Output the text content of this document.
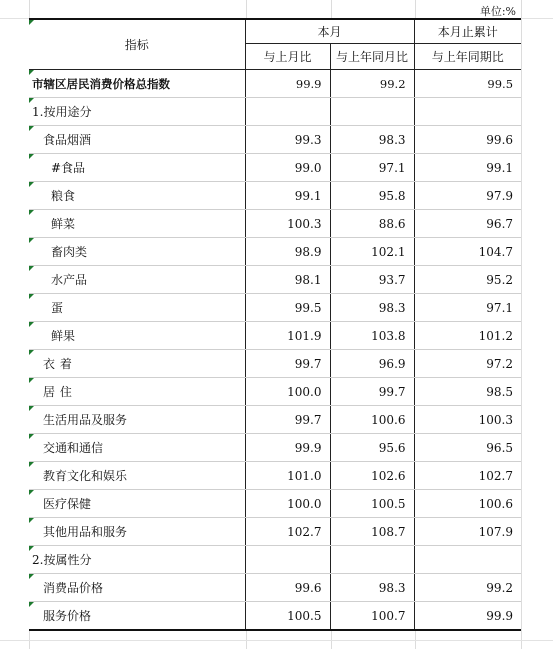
单位:%
指标	本月		本月止累计
	与上月比	与上年同月比	与上年同期比

市辖区居民消费价格总指数	99.9	99.2	99.5

1.按用途分			

食品烟酒	99.3	98.3	99.6

#食品	99.0	97.1	99.1

粮食	99.1	95.8	97.9

鲜菜	100.3	88.6	96.7

畜肉类	98.9	102.1	104.7

水产品	98.1	93.7	95.2

蛋	99.5	98.3	97.1

鲜果	101.9	103.8	101.2

衣 着	99.7	96.9	97.2

居 住	100.0	99.7	98.5

生活用品及服务	99.7	100.6	100.3

交通和通信	99.9	95.6	96.5

教育文化和娱乐	101.0	102.6	102.7

医疗保健	100.0	100.5	100.6

其他用品和服务	102.7	108.7	107.9

2.按属性分			

消费品价格	99.6	98.3	99.2

服务价格	100.5	100.7	99.9
